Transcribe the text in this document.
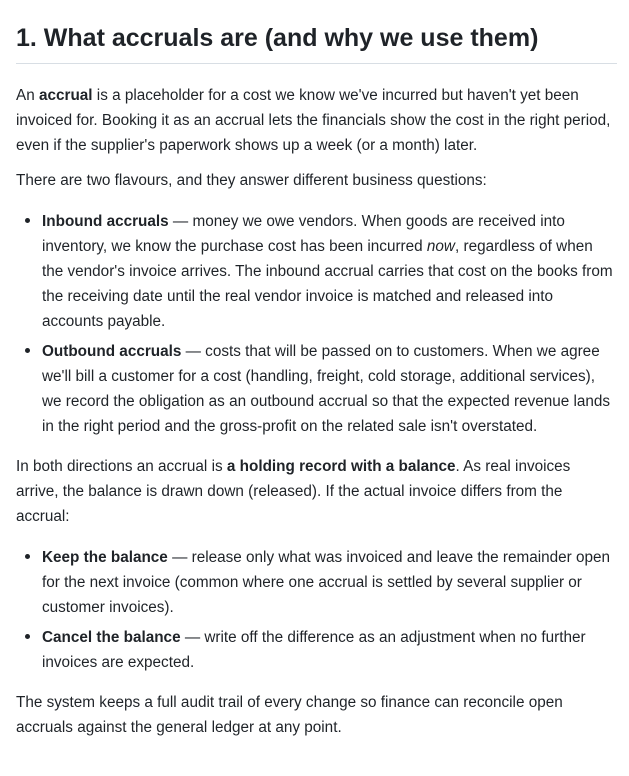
1. What accruals are (and why we use them)

An accrual is a placeholder for a cost we know we've incurred but haven't yet been invoiced for. Booking it as an accrual lets the financials show the cost in the right period, even if the supplier's paperwork shows up a week (or a month) later.

There are two flavours, and they answer different business questions:

• Inbound accruals — money we owe vendors. When goods are received into inventory, we know the purchase cost has been incurred now, regardless of when the vendor's invoice arrives. The inbound accrual carries that cost on the books from the receiving date until the real vendor invoice is matched and released into accounts payable.
• Outbound accruals — costs that will be passed on to customers. When we agree we'll bill a customer for a cost (handling, freight, cold storage, additional services), we record the obligation as an outbound accrual so that the expected revenue lands in the right period and the gross-profit on the related sale isn't overstated.

In both directions an accrual is a holding record with a balance. As real invoices arrive, the balance is drawn down (released). If the actual invoice differs from the accrual:

• Keep the balance — release only what was invoiced and leave the remainder open for the next invoice (common where one accrual is settled by several supplier or customer invoices).
• Cancel the balance — write off the difference as an adjustment when no further invoices are expected.

The system keeps a full audit trail of every change so finance can reconcile open accruals against the general ledger at any point.
